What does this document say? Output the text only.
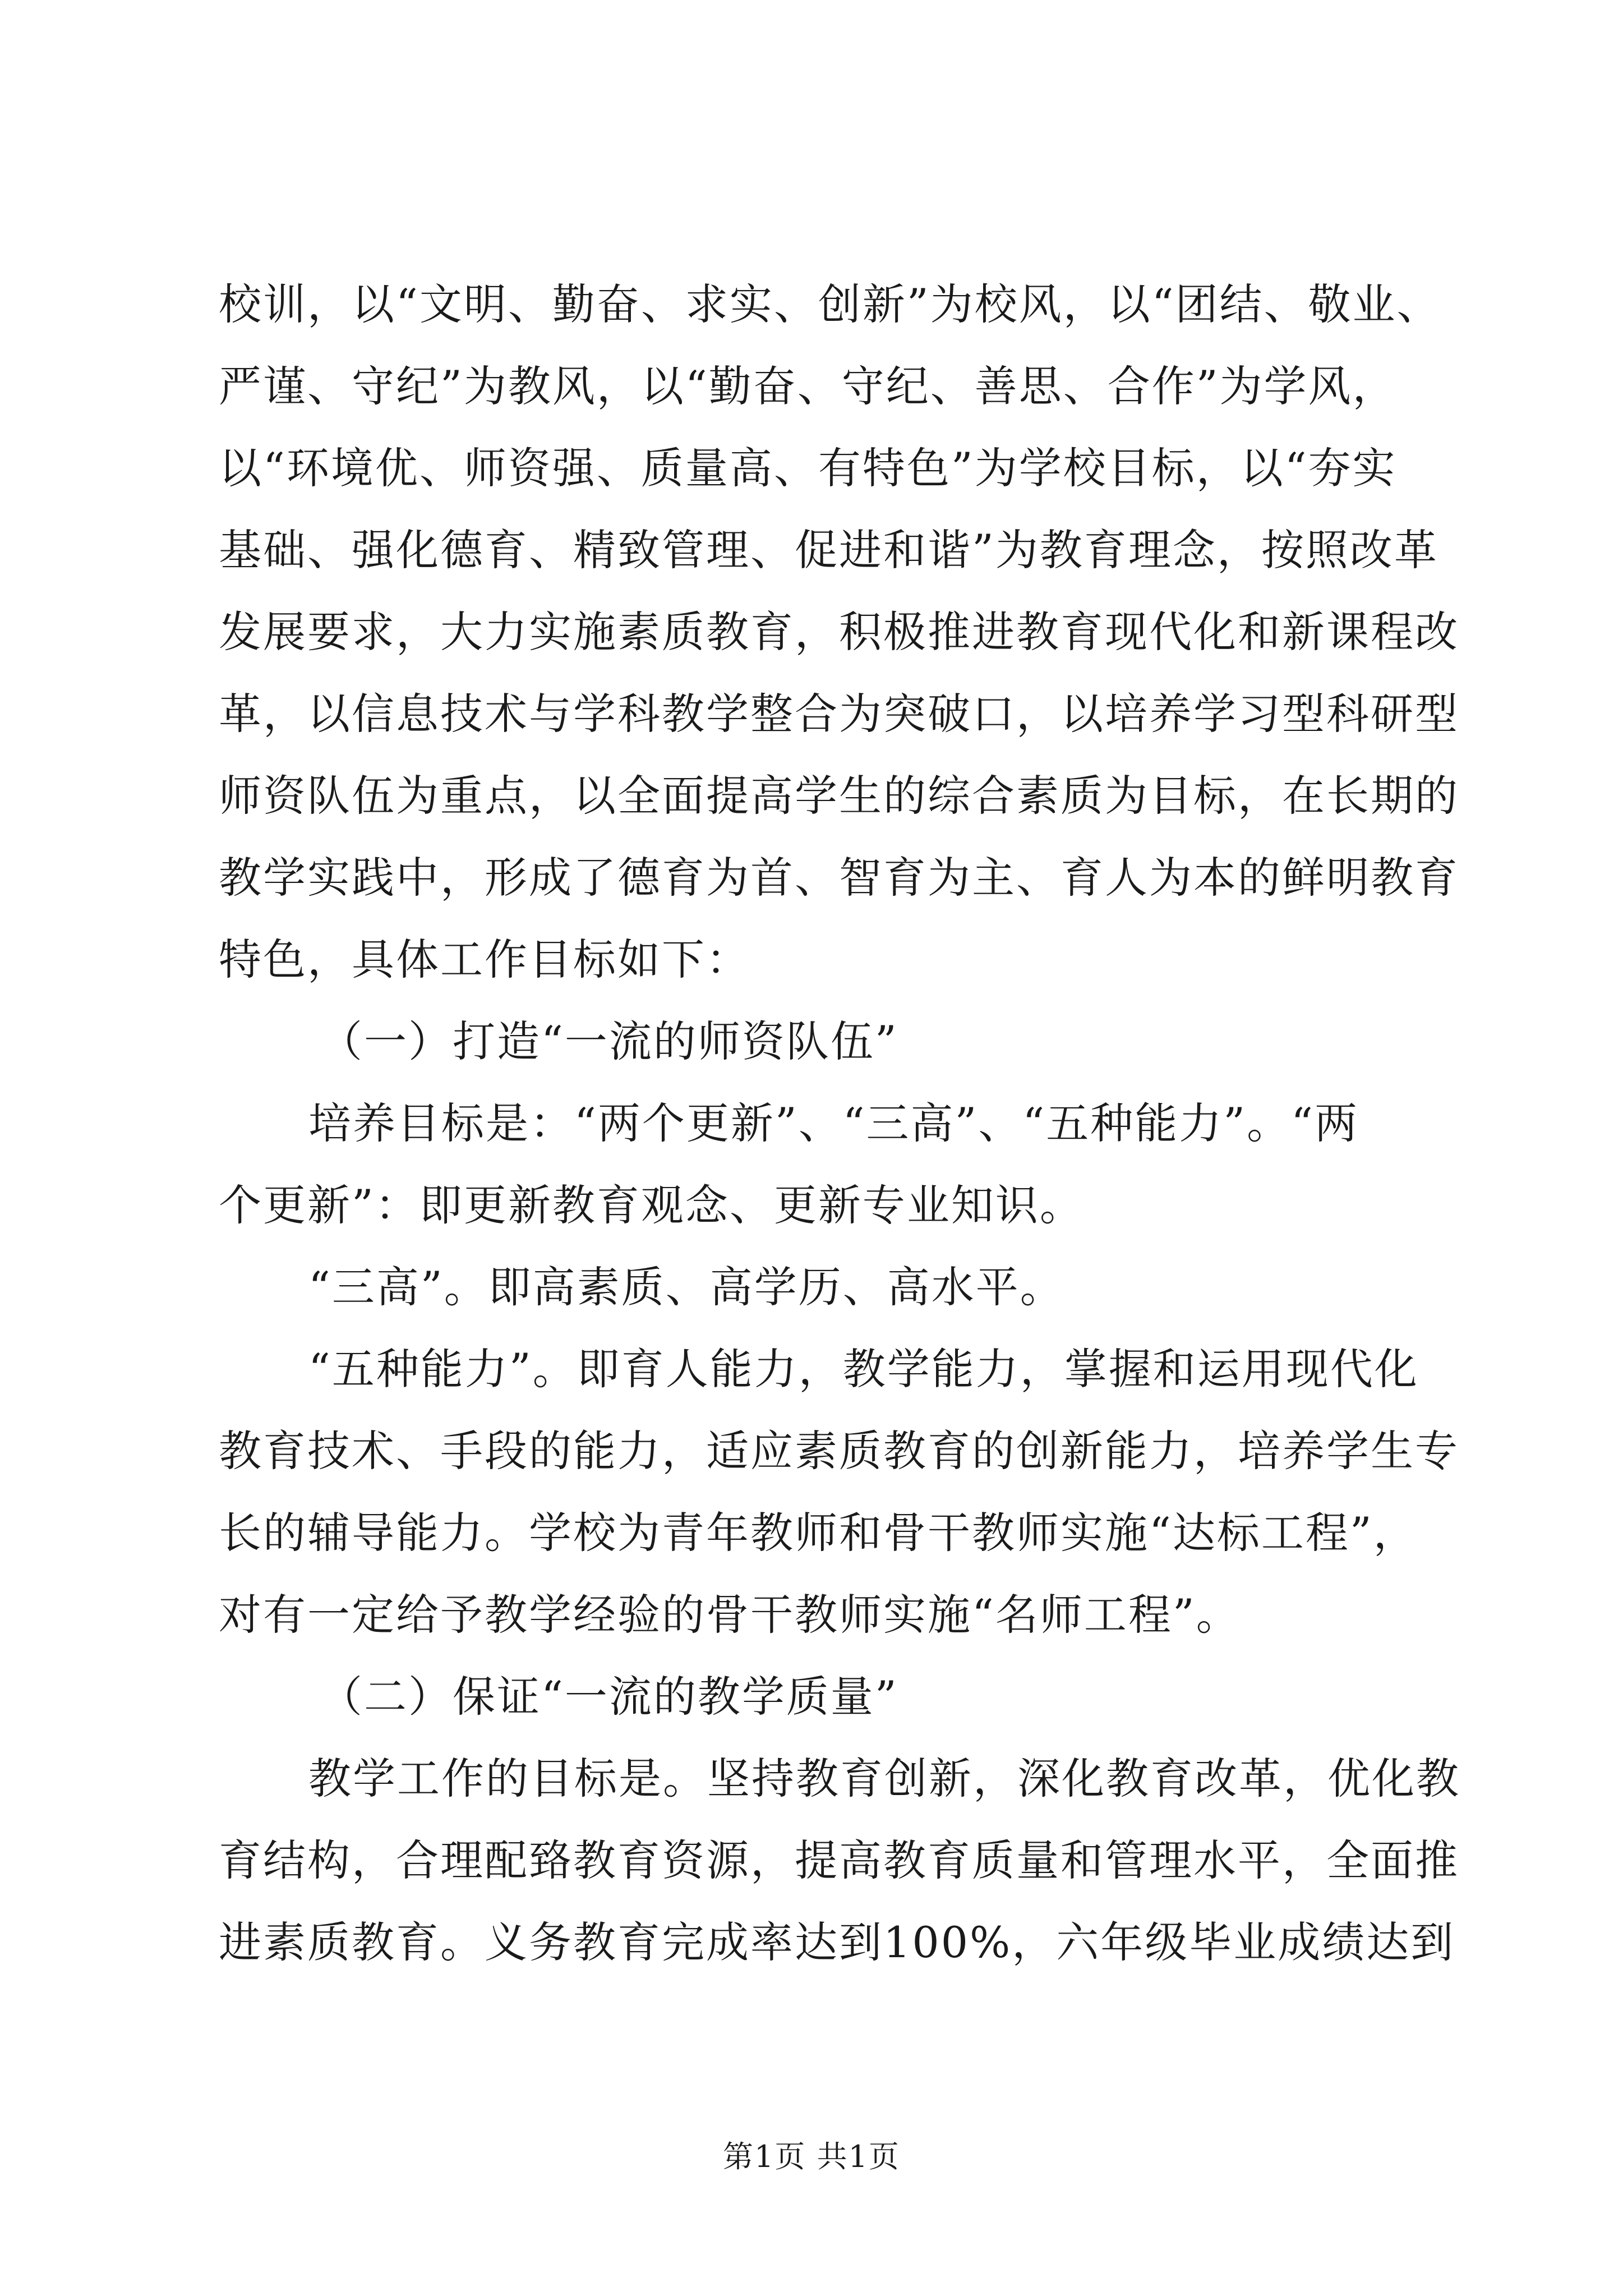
校训，以“文明、勤奋、求实、创新”为校风，以“团结、敬业、
严谨、守纪”为教风，以“勤奋、守纪、善思、合作”为学风，
以“环境优、师资强、质量高、有特色”为学校目标，以“夯实
基础、强化德育、精致管理、促进和谐”为教育理念，按照改革
发展要求，大力实施素质教育，积极推进教育现代化和新课程改
革，以信息技术与学科教学整合为突破口，以培养学习型科研型
师资队伍为重点，以全面提高学生的综合素质为目标，在长期的
教学实践中，形成了德育为首、智育为主、育人为本的鲜明教育
特色，具体工作目标如下：
（一）打造“一流的师资队伍”
培养目标是：“两个更新”、“三高”、“五种能力”。“两
个更新”：即更新教育观念、更新专业知识。
“三高”。即高素质、高学历、高水平。
“五种能力”。即育人能力，教学能力，掌握和运用现代化
教育技术、手段的能力，适应素质教育的创新能力，培养学生专
长的辅导能力。学校为青年教师和骨干教师实施“达标工程”，
对有一定给予教学经验的骨干教师实施“名师工程”。
（二）保证“一流的教学质量”
教学工作的目标是。坚持教育创新，深化教育改革，优化教
育结构，合理配臵教育资源，提高教育质量和管理水平，全面推
进素质教育。义务教育完成率达到100%，六年级毕业成绩达到
第1页 共1页
